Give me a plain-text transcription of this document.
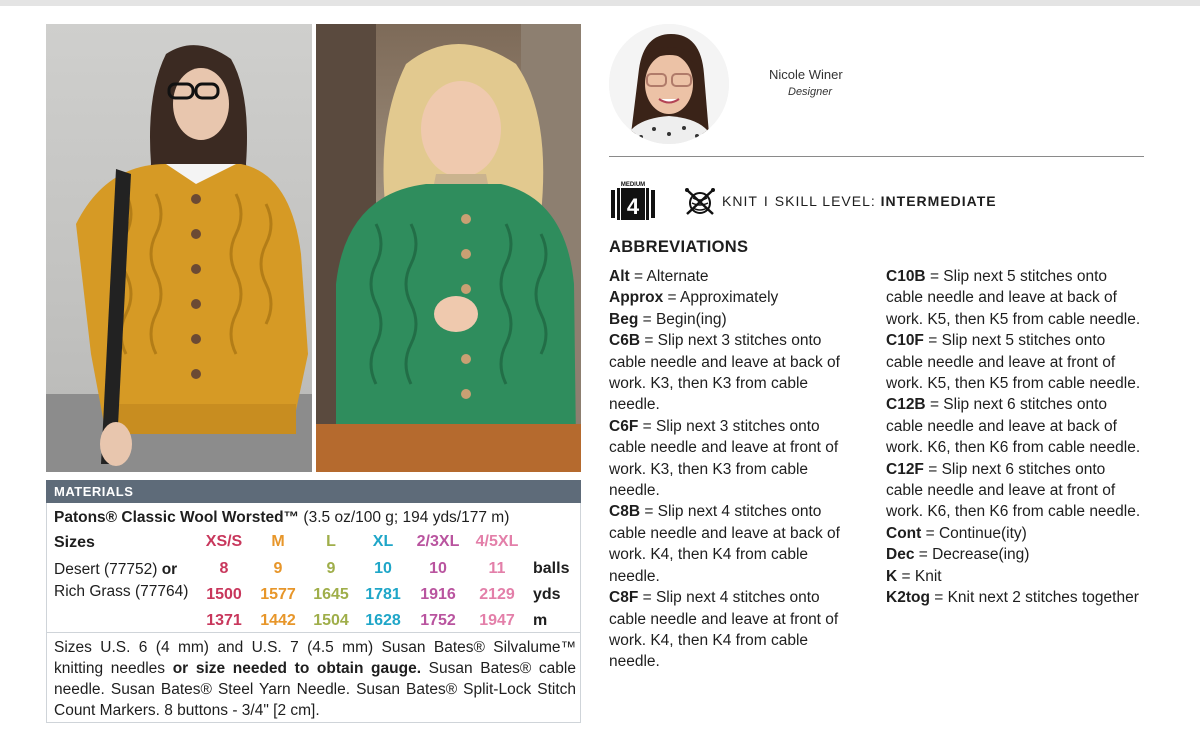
MATERIALS
Patons® Classic Wool Worsted™ (3.5 oz/100 g; 194 yds/177 m)
Sizes	XS/S	M	L	XL	2/3XL	4/5XL
Desert (77752) or
Rich Grass (77764)
8	9	9	10	10	11	balls
1500	1577	1645	1781	1916	2129	yds
1371	1442	1504	1628	1752	1947	m
Sizes U.S. 6 (4 mm) and U.S. 7 (4.5 mm) Susan Bates® Silvalume™ knitting needles or size needed to obtain gauge. Susan Bates® cable needle. Susan Bates® Steel Yarn Needle. Susan Bates® Split-Lock Stitch Count Markers. 8 buttons - 3/4" [2 cm].
Nicole Winer
Designer
4
MEDIUM
KNIT I SKILL LEVEL: INTERMEDIATE
ABBREVIATIONS
Alt = Alternate
Approx = Approximately
Beg = Begin(ing)
C6B = Slip next 3 stitches onto cable needle and leave at back of work. K3, then K3 from cable needle.
C6F = Slip next 3 stitches onto cable needle and leave at front of work. K3, then K3 from cable needle.
C8B = Slip next 4 stitches onto cable needle and leave at back of work. K4, then K4 from cable needle.
C8F = Slip next 4 stitches onto cable needle and leave at front of work. K4, then K4 from cable needle.
C10B = Slip next 5 stitches onto cable needle and leave at back of work. K5, then K5 from cable needle.
C10F = Slip next 5 stitches onto cable needle and leave at front of work. K5, then K5 from cable needle.
C12B = Slip next 6 stitches onto cable needle and leave at back of work. K6, then K6 from cable needle.
C12F = Slip next 6 stitches onto cable needle and leave at front of work. K6, then K6 from cable needle.
Cont = Continue(ity)
Dec = Decrease(ing)
K = Knit
K2tog = Knit next 2 stitches together
